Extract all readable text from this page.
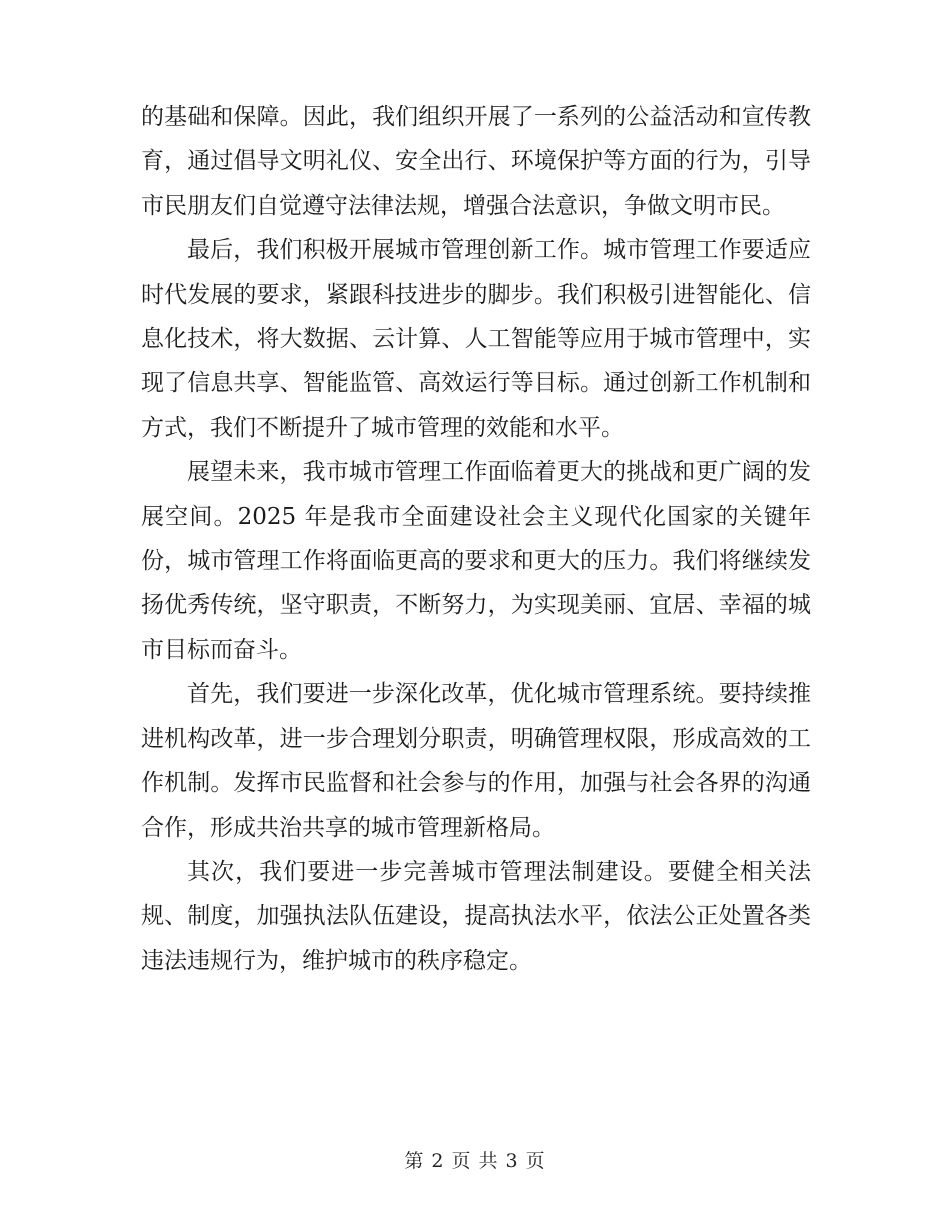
的基础和保障。因此，我们组织开展了一系列的公益活动和宣传教育，通过倡导文明礼仪、安全出行、环境保护等方面的行为，引导市民朋友们自觉遵守法律法规，增强合法意识，争做文明市民。

最后，我们积极开展城市管理创新工作。城市管理工作要适应时代发展的要求，紧跟科技进步的脚步。我们积极引进智能化、信息化技术，将大数据、云计算、人工智能等应用于城市管理中，实现了信息共享、智能监管、高效运行等目标。通过创新工作机制和方式，我们不断提升了城市管理的效能和水平。

展望未来，我市城市管理工作面临着更大的挑战和更广阔的发展空间。2025 年是我市全面建设社会主义现代化国家的关键年份，城市管理工作将面临更高的要求和更大的压力。我们将继续发扬优秀传统，坚守职责，不断努力，为实现美丽、宜居、幸福的城市目标而奋斗。

首先，我们要进一步深化改革，优化城市管理系统。要持续推进机构改革，进一步合理划分职责，明确管理权限，形成高效的工作机制。发挥市民监督和社会参与的作用，加强与社会各界的沟通合作，形成共治共享的城市管理新格局。

其次，我们要进一步完善城市管理法制建设。要健全相关法规、制度，加强执法队伍建设，提高执法水平，依法公正处置各类违法违规行为，维护城市的秩序稳定。

第 2 页 共 3 页
